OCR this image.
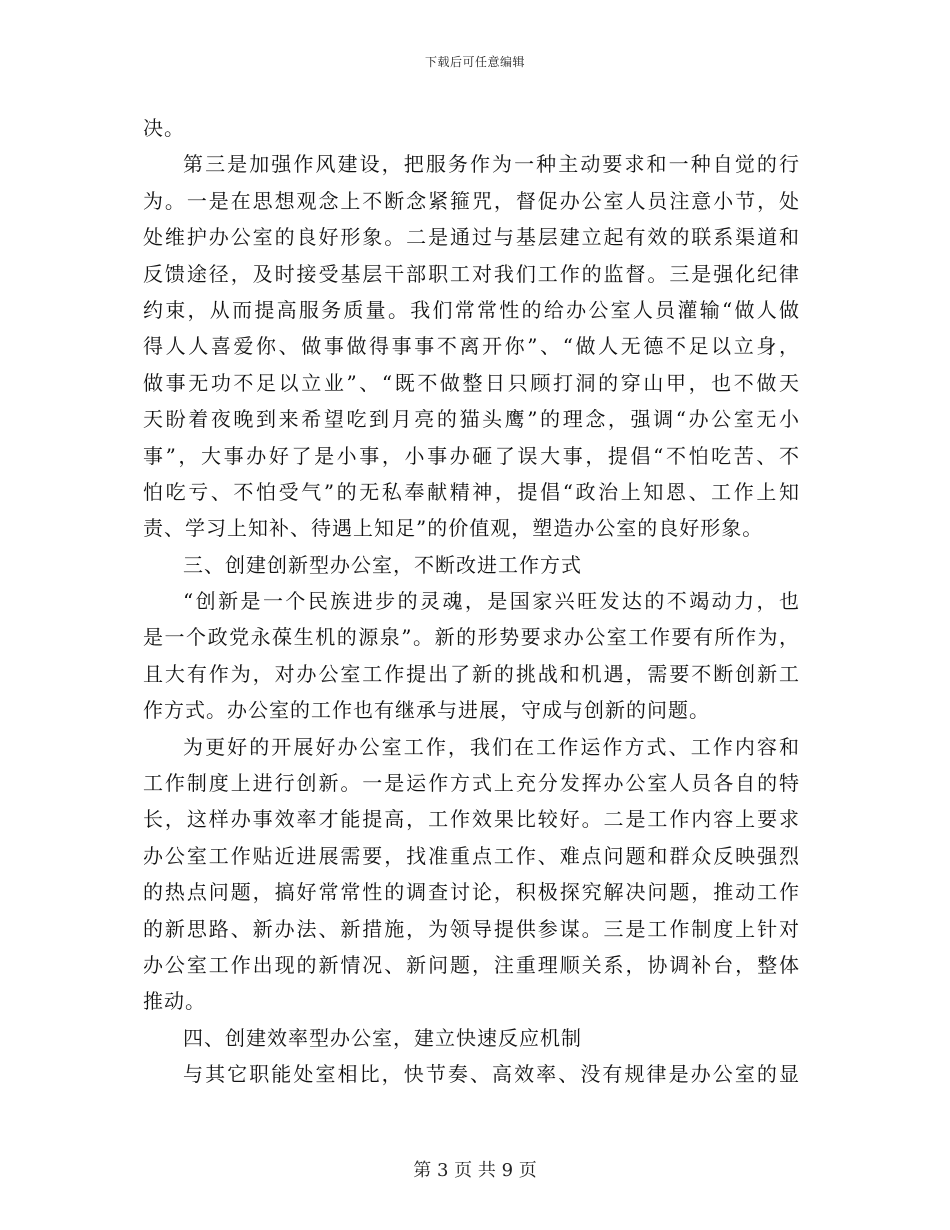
下载后可任意编辑
决。
第三是加强作风建设，把服务作为一种主动要求和一种自觉的行
为。一是在思想观念上不断念紧箍咒，督促办公室人员注意小节，处
处维护办公室的良好形象。二是通过与基层建立起有效的联系渠道和
反馈途径，及时接受基层干部职工对我们工作的监督。三是强化纪律
约束，从而提高服务质量。我们常常性的给办公室人员灌输“做人做
得人人喜爱你、做事做得事事不离开你”、“做人无德不足以立身，
做事无功不足以立业”、“既不做整日只顾打洞的穿山甲，也不做天
天盼着夜晚到来希望吃到月亮的猫头鹰”的理念，强调“办公室无小
事”，大事办好了是小事，小事办砸了误大事，提倡“不怕吃苦、不
怕吃亏、不怕受气”的无私奉献精神，提倡“政治上知恩、工作上知
责、学习上知补、待遇上知足”的价值观，塑造办公室的良好形象。
三、创建创新型办公室，不断改进工作方式
“创新是一个民族进步的灵魂，是国家兴旺发达的不竭动力，也
是一个政党永葆生机的源泉”。新的形势要求办公室工作要有所作为，
且大有作为，对办公室工作提出了新的挑战和机遇，需要不断创新工
作方式。办公室的工作也有继承与进展，守成与创新的问题。
为更好的开展好办公室工作，我们在工作运作方式、工作内容和
工作制度上进行创新。一是运作方式上充分发挥办公室人员各自的特
长，这样办事效率才能提高，工作效果比较好。二是工作内容上要求
办公室工作贴近进展需要，找准重点工作、难点问题和群众反映强烈
的热点问题，搞好常常性的调查讨论，积极探究解决问题，推动工作
的新思路、新办法、新措施，为领导提供参谋。三是工作制度上针对
办公室工作出现的新情况、新问题，注重理顺关系，协调补台，整体
推动。
四、创建效率型办公室，建立快速反应机制
与其它职能处室相比，快节奏、高效率、没有规律是办公室的显
第 3 页 共 9 页
